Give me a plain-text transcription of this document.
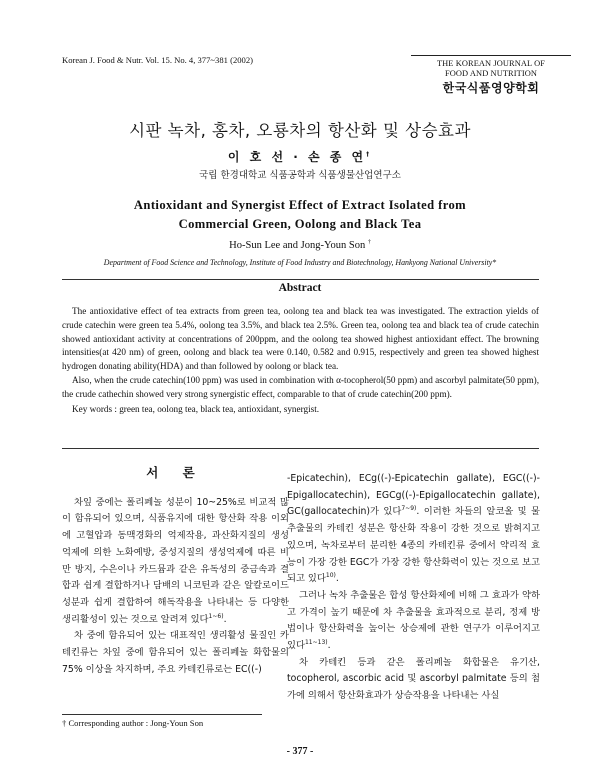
Korean J. Food & Nutr. Vol. 15. No. 4, 377~381 (2002)	THE KOREAN JOURNAL OF
FOOD AND NUTRITION
한국식품영양학회
시판 녹차, 홍차, 오룡차의 항산화 및 상승효과
이 호 선 · 손 종 연†
국립 한경대학교 식품공학과 식품생물산업연구소
Antioxidant and Synergist Effect of Extract Isolated from
Commercial Green, Oolong and Black Tea
Ho-Sun Lee and Jong-Youn Son †
Department of Food Science and Technology, Institute of Food Industry and Biotechnology, Hankyong National University*
Abstract

The antioxidative effect of tea extracts from green tea, oolong tea and black tea was investigated. The extraction yields of crude catechin were green tea 5.4%, oolong tea 3.5%, and black tea 2.5%. Green tea, oolong tea and black tea of crude catechin showed antioxidant activity at concentrations of 200ppm, and the oolong tea showed highest antioxidant effect. The browning intensities(at 420 nm) of green, oolong and black tea were 0.140, 0.582 and 0.915, respectively and green tea showed highest hydrogen donating ability(HDA) and than followed by oolong or black tea.

Also, when the crude catechin(100 ppm) was used in combination with α-tocopherol(50 ppm) and ascorbyl palmitate(50 ppm), the crude cathechin showed very strong synergistic effect, comparable to that of crude catechin(200 ppm).

Key words : green tea, oolong tea, black tea, antioxidant, synergist.

서 론

차잎 중에는 폴리페놀 성분이 10~25%로 비교적 많이 함유되어 있으며, 식품유지에 대한 항산화 작용 이외에 고혈압과 동맥경화의 억제작용, 과산화지질의 생성 억제에 의한 노화예방, 중성지질의 생성억제에 따른 비만 방지, 수은이나 카드뮴과 같은 유독성의 중금속과 결합과 쉽게 결합하거나 담배의 니코틴과 같은 알칼로이드 성분과 쉽게 결합하여 해독작용을 나타내는 등 다양한 생리활성이 있는 것으로 알려져 있다$^{1\sim 6)}$.

차 중에 함유되어 있는 대표적인 생리활성 물질인 카테킨류는 차잎 중에 함유되어 있는 폴리페놀 화합물의 75% 이상을 차지하며, 주요 카테킨류로는 EC((-)

-Epicatechin), ECg((-)-Epicatechin gallate), EGC((-)-Epigallocatechin), EGCg((-)-Epigallocatechin gallate), GC(gallocatechin)가 있다$^{7\sim 9)}$. 이러한 차들의 알코올 및 물 추출물의 카테킨 성분은 항산화 작용이 강한 것으로 밝혀지고 있으며, 녹차로부터 분리한 4종의 카테킨류 중에서 약리적 효능이 가장 강한 EGC가 가장 강한 항산화력이 있는 것으로 보고되고 있다$^{10)}$.

그러나 녹차 추출물은 합성 항산화제에 비해 그 효과가 약하고 가격이 높기 때문에 차 추출물을 효과적으로 분리, 정제 방법이나 항산화력을 높이는 상승제에 관한 연구가 이루어지고 있다$^{11\sim 13)}$.

차 카테킨 등과 같은 폴리페놀 화합물은 유기산, tocopherol, ascorbic acid 및 ascorbyl palmitate 등의 첨가에 의해서 항산화효과가 상승작용을 나타내는 사실

† Corresponding author : Jong-Youn Son
- 377 -
